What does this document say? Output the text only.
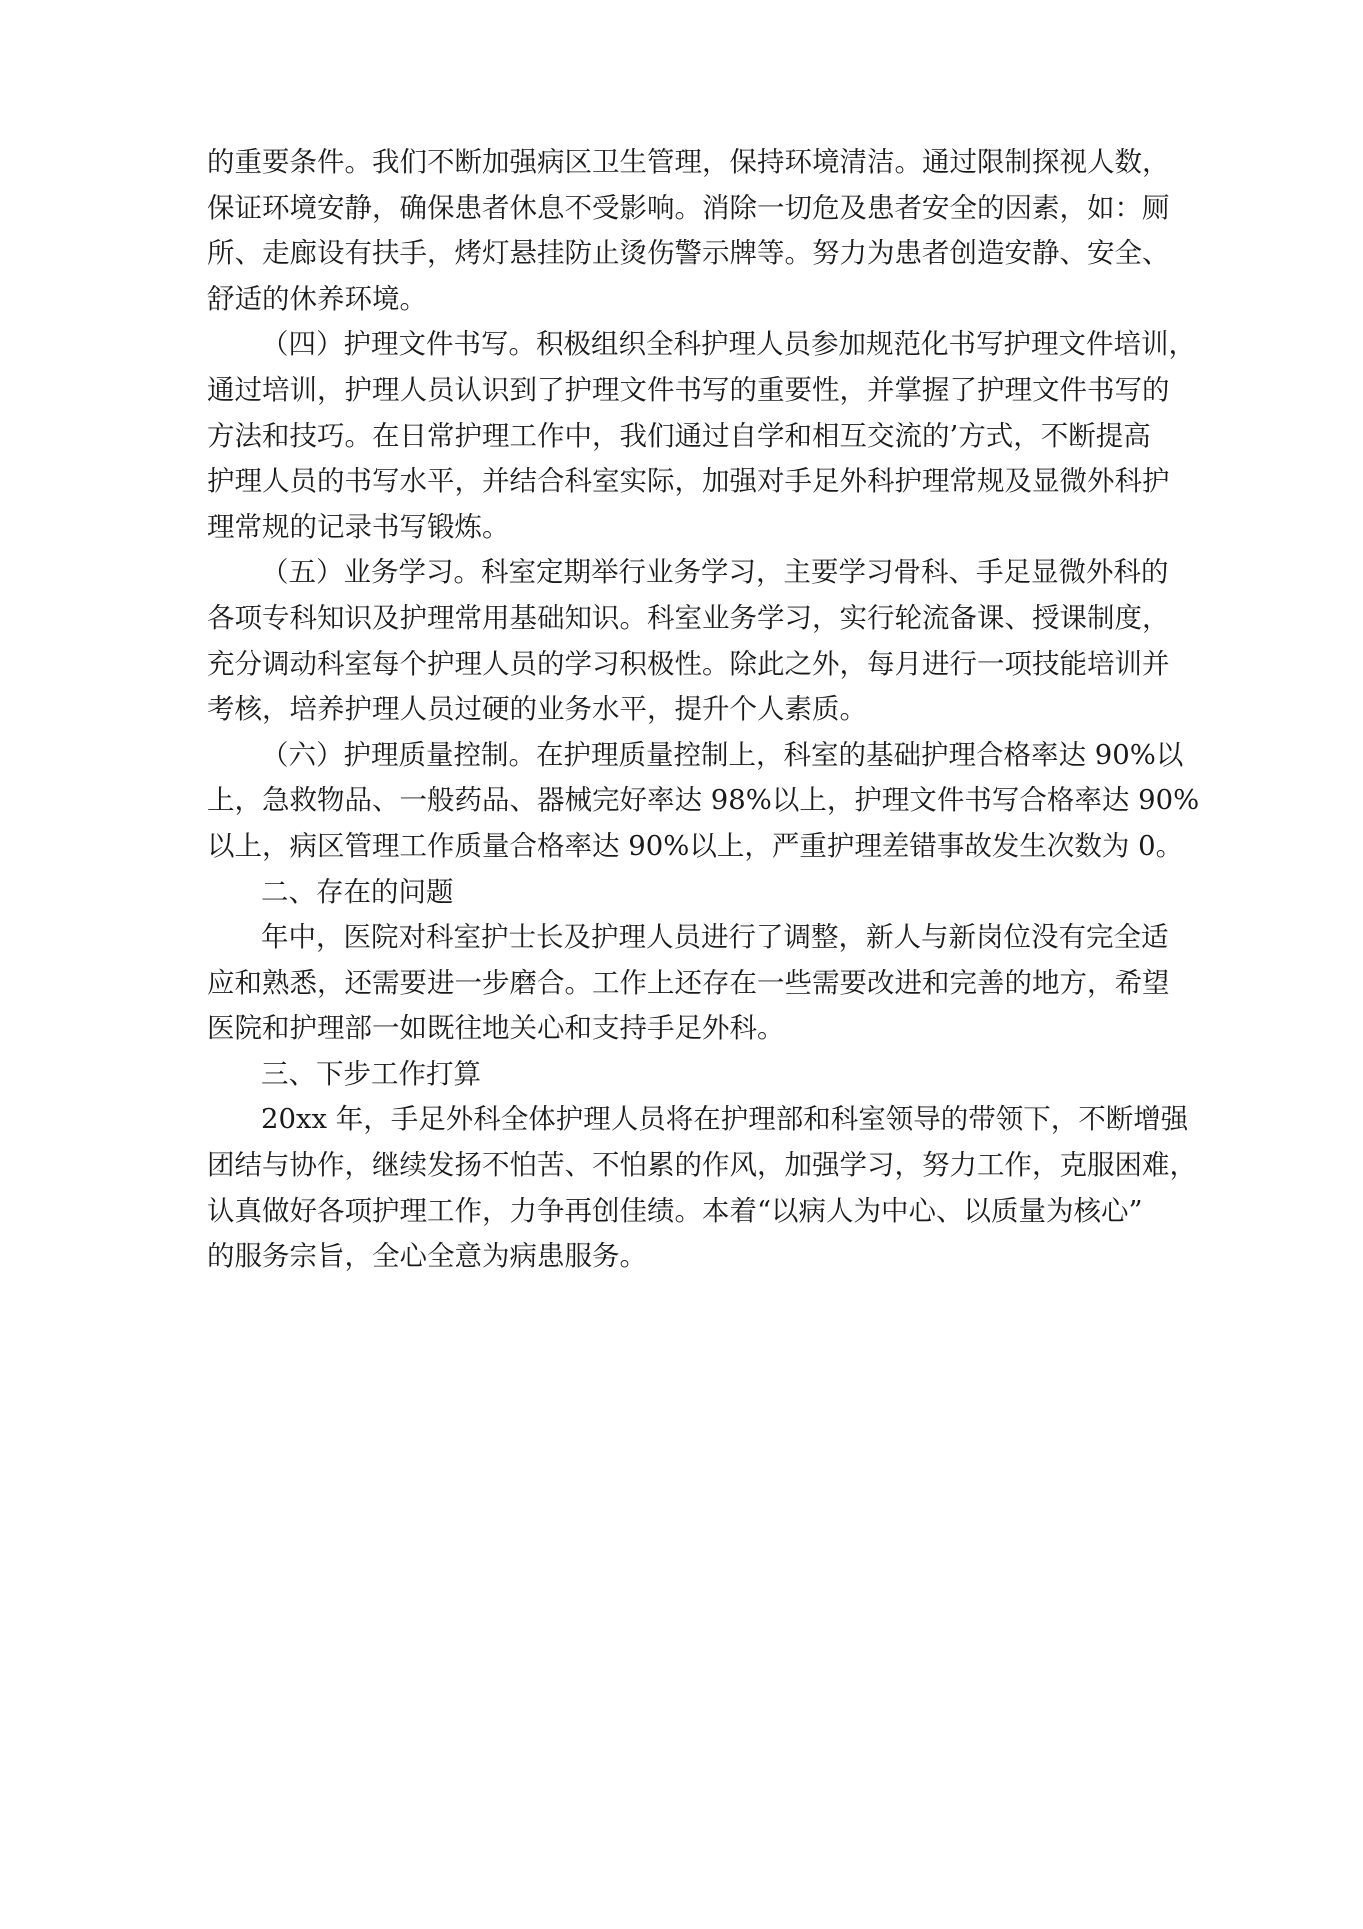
的重要条件。我们不断加强病区卫生管理，保持环境清洁。通过限制探视人数，
保证环境安静，确保患者休息不受影响。消除一切危及患者安全的因素，如：厕
所、走廊设有扶手，烤灯悬挂防止烫伤警示牌等。努力为患者创造安静、安全、
舒适的休养环境。
（四）护理文件书写。积极组织全科护理人员参加规范化书写护理文件培训，
通过培训，护理人员认识到了护理文件书写的重要性，并掌握了护理文件书写的
方法和技巧。在日常护理工作中，我们通过自学和相互交流的’方式，不断提高
护理人员的书写水平，并结合科室实际，加强对手足外科护理常规及显微外科护
理常规的记录书写锻炼。
（五）业务学习。科室定期举行业务学习，主要学习骨科、手足显微外科的
各项专科知识及护理常用基础知识。科室业务学习，实行轮流备课、授课制度，
充分调动科室每个护理人员的学习积极性。除此之外，每月进行一项技能培训并
考核，培养护理人员过硬的业务水平，提升个人素质。
（六）护理质量控制。在护理质量控制上，科室的基础护理合格率达 90%以
上，急救物品、一般药品、器械完好率达 98%以上，护理文件书写合格率达 90%
以上，病区管理工作质量合格率达 90%以上，严重护理差错事故发生次数为 0。
二、存在的问题
年中，医院对科室护士长及护理人员进行了调整，新人与新岗位没有完全适
应和熟悉，还需要进一步磨合。工作上还存在一些需要改进和完善的地方，希望
医院和护理部一如既往地关心和支持手足外科。
三、下步工作打算
20xx 年，手足外科全体护理人员将在护理部和科室领导的带领下，不断增强
团结与协作，继续发扬不怕苦、不怕累的作风，加强学习，努力工作，克服困难，
认真做好各项护理工作，力争再创佳绩。本着“以病人为中心、以质量为核心”
的服务宗旨，全心全意为病患服务。
